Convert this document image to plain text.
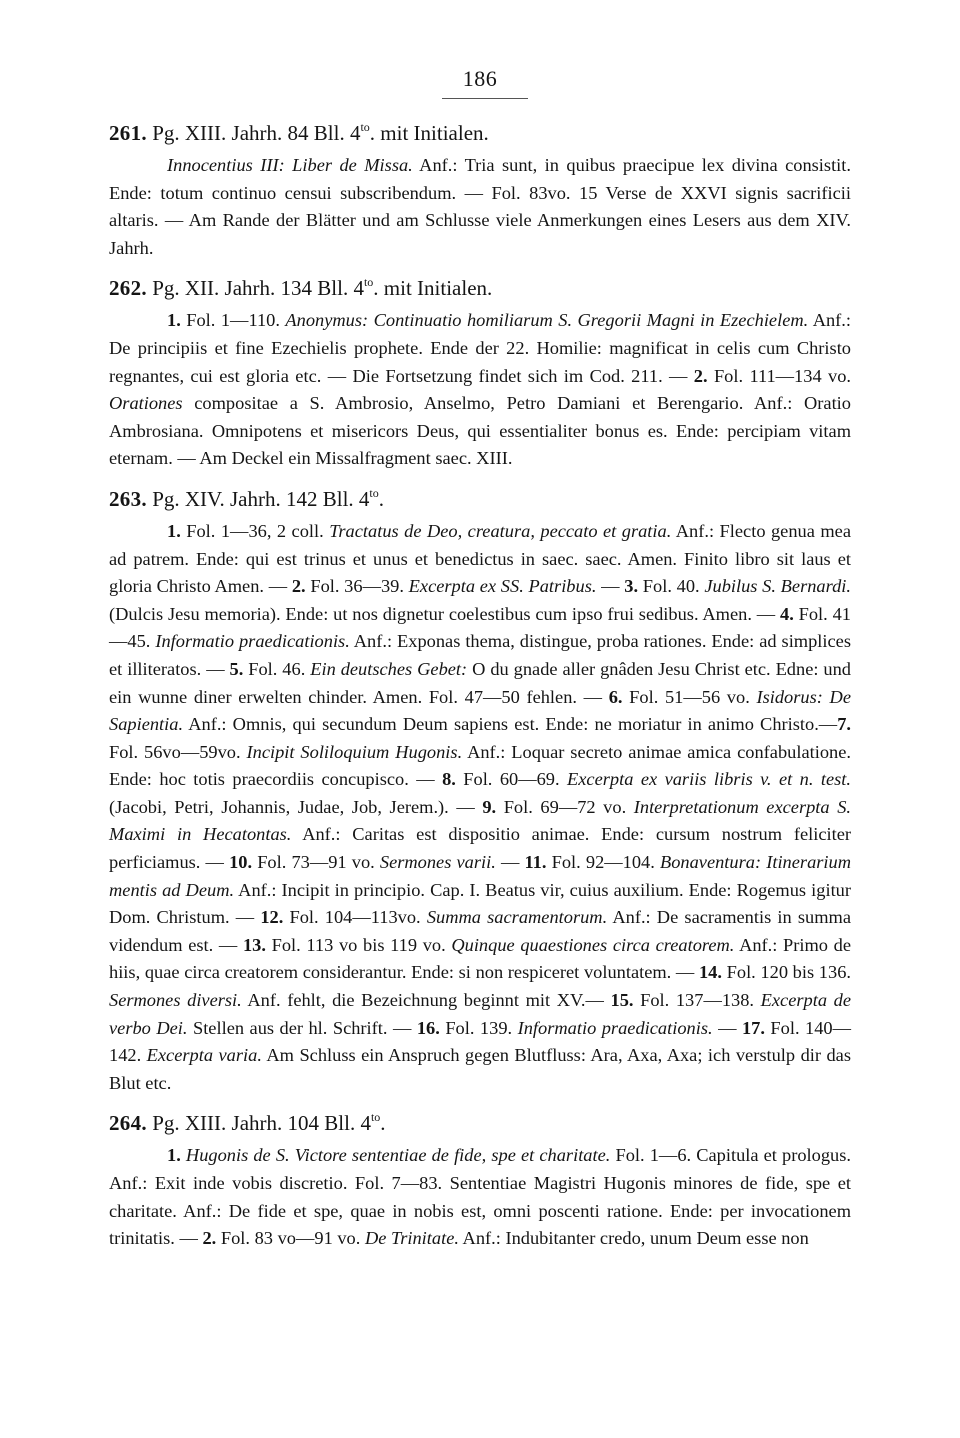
186
261. Pg. XIII. Jahrh. 84 Bll. $4^{to}$. mit Initialen.

Innocentius III: Liber de Missa. Anf.: Tria sunt, in quibus praecipue lex divina consistit. Ende: totum continuo censui subscribendum. — Fol. 83vo. 15 Verse de XXVI signis sacrificii altaris. — Am Rande der Blätter und am Schlusse viele Anmerkungen eines Lesers aus dem XIV. Jahrh.

262. Pg. XII. Jahrh. 134 Bll. $4^{to}$. mit Initialen.

1. Fol. 1—110. Anonymus: Continuatio homiliarum S. Gregorii Magni in Ezechielem. Anf.: De principiis et fine Ezechielis prophete. Ende der 22. Homilie: magnificat in celis cum Christo regnantes, cui est gloria etc. — Die Fortsetzung findet sich im Cod. 211. — 2. Fol. 111—134 vo. Orationes compositae a S. Ambrosio, Anselmo, Petro Damiani et Berengario. Anf.: Oratio Ambrosiana. Omnipotens et misericors Deus, qui essentialiter bonus es. Ende: percipiam vitam eternam. — Am Deckel ein Missalfragment saec. XIII.

263. Pg. XIV. Jahrh. 142 Bll. $4^{to}$.

1. Fol. 1—36, 2 coll. Tractatus de Deo, creatura, peccato et gratia. Anf.: Flecto genua mea ad patrem. Ende: qui est trinus et unus et benedictus in saec. saec. Amen. Finito libro sit laus et gloria Christo Amen. — 2. Fol. 36—39. Excerpta ex SS. Patribus. — 3. Fol. 40. Jubilus S. Bernardi. (Dulcis Jesu memoria). Ende: ut nos dignetur coelestibus cum ipso frui sedibus. Amen. — 4. Fol. 41—45. Informatio praedicationis. Anf.: Exponas thema, distingue, proba rationes. Ende: ad simplices et illiteratos. — 5. Fol. 46. Ein deutsches Gebet: O du gnade aller gnâden Jesu Christ etc. Edne: und ein wunne diner erwelten chinder. Amen. Fol. 47—50 fehlen. — 6. Fol. 51—56 vo. Isidorus: De Sapientia. Anf.: Omnis, qui secundum Deum sapiens est. Ende: ne moriatur in animo Christo.—7. Fol. 56vo—59vo. Incipit Soliloquium Hugonis. Anf.: Loquar secreto animae amica confabulatione. Ende: hoc totis praecordiis concupisco. — 8. Fol. 60—69. Excerpta ex variis libris v. et n. test. (Jacobi, Petri, Johannis, Judae, Job, Jerem.). — 9. Fol. 69—72 vo. Interpretationum excerpta S. Maximi in Hecatontas. Anf.: Caritas est dispositio animae. Ende: cursum nostrum feliciter perficiamus. — 10. Fol. 73—91 vo. Sermones varii. — 11. Fol. 92—104. Bonaventura: Itinerarium mentis ad Deum. Anf.: Incipit in principio. Cap. I. Beatus vir, cuius auxilium. Ende: Rogemus igitur Dom. Christum. — 12. Fol. 104—113vo. Summa sacramentorum. Anf.: De sacramentis in summa videndum est. — 13. Fol. 113 vo bis 119 vo. Quinque quaestiones circa creatorem. Anf.: Primo de hiis, quae circa creatorem considerantur. Ende: si non respiceret voluntatem. — 14. Fol. 120 bis 136. Sermones diversi. Anf. fehlt, die Bezeichnung beginnt mit XV.— 15. Fol. 137—138. Excerpta de verbo Dei. Stellen aus der hl. Schrift. — 16. Fol. 139. Informatio praedicationis. — 17. Fol. 140—142. Excerpta varia. Am Schluss ein Anspruch gegen Blutfluss: Ara, Axa, Axa; ich verstulp dir das Blut etc.

264. Pg. XIII. Jahrh. 104 Bll. $4^{to}$.

1. Hugonis de S. Victore sententiae de fide, spe et charitate. Fol. 1—6. Capitula et prologus. Anf.: Exit inde vobis discretio. Fol. 7—83. Sententiae Magistri Hugonis minores de fide, spe et charitate. Anf.: De fide et spe, quae in nobis est, omni poscenti ratione. Ende: per invocationem trinitatis. — 2. Fol. 83 vo—91 vo. De Trinitate. Anf.: Indubitanter credo, unum Deum esse non
